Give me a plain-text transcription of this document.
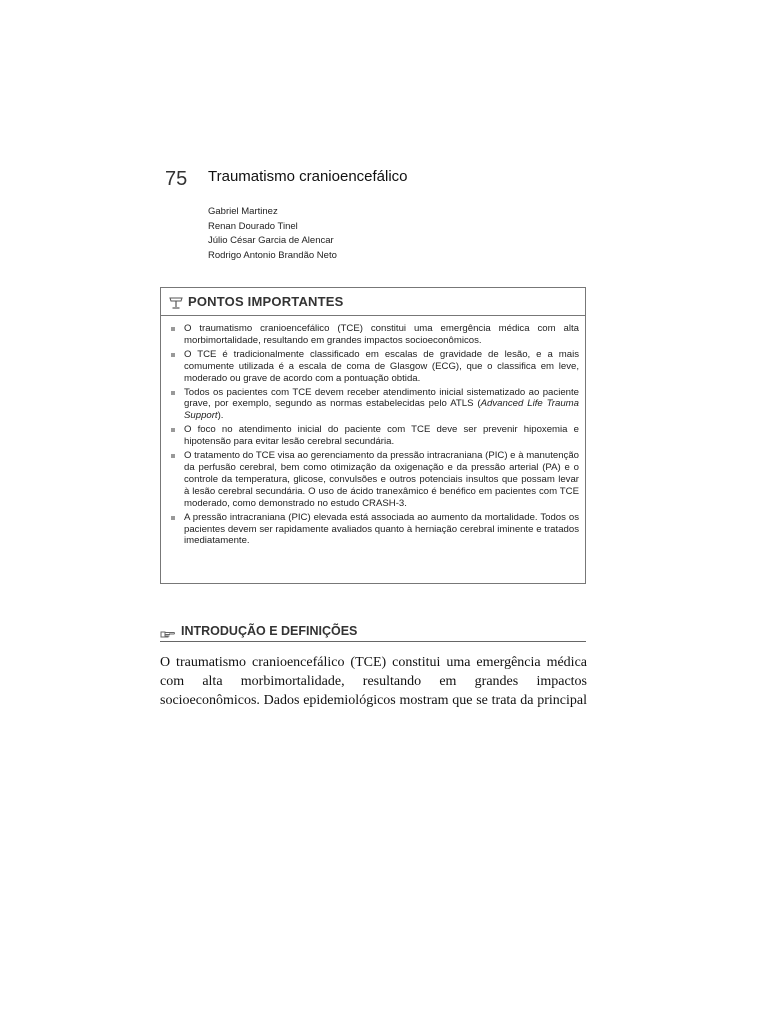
75 Traumatismo cranioencefálico
Gabriel Martinez
Renan Dourado Tinel
Júlio César Garcia de Alencar
Rodrigo Antonio Brandão Neto
PONTOS IMPORTANTES
O traumatismo cranioencefálico (TCE) constitui uma emergência médica com alta morbimortalidade, resultando em grandes impactos socioeconômicos.
O TCE é tradicionalmente classificado em escalas de gravidade de lesão, e a mais comumente utilizada é a escala de coma de Glasgow (ECG), que o classifica em leve, moderado ou grave de acordo com a pontuação obtida.
Todos os pacientes com TCE devem receber atendimento inicial sistematizado ao paciente grave, por exemplo, segundo as normas estabelecidas pelo ATLS (Advanced Life Trauma Support).
O foco no atendimento inicial do paciente com TCE deve ser prevenir hipoxemia e hipotensão para evitar lesão cerebral secundária.
O tratamento do TCE visa ao gerenciamento da pressão intracraniana (PIC) e à manutenção da perfusão cerebral, bem como otimização da oxigenação e da pressão arterial (PA) e o controle da temperatura, glicose, convulsões e outros potenciais insultos que possam levar à lesão cerebral secundária. O uso de ácido tranexâmico é benéfico em pacientes com TCE moderado, como demonstrado no estudo CRASH-3.
A pressão intracraniana (PIC) elevada está associada ao aumento da mortalidade. Todos os pacientes devem ser rapidamente avaliados quanto à herniação cerebral iminente e tratados imediatamente.
INTRODUÇÃO E DEFINIÇÕES

O traumatismo cranioencefálico (TCE) constitui uma emergência médica com alta morbimortalidade, resultando em grandes impactos socioeconômicos. Dados epidemiológicos mostram que se trata da principal
